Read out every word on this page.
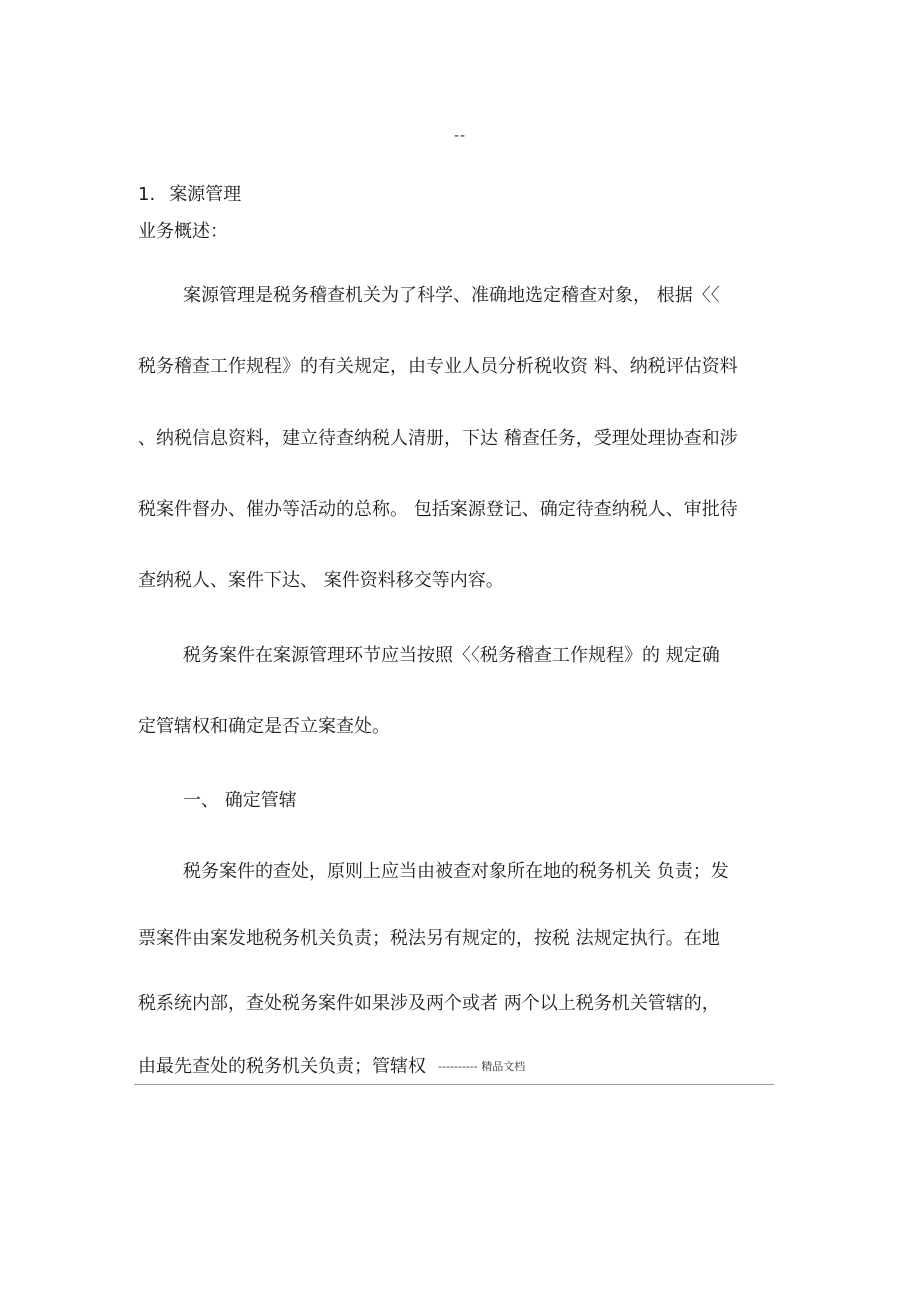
--
1. 案源管理
业务概述：
案源管理是税务稽查机关为了科学、准确地选定稽查对象， 根据〈〈
税务稽查工作规程》的有关规定，由专业人员分析税收资 料、纳税评估资料
、纳税信息资料，建立待查纳税人清册，下达 稽查任务，受理处理协查和涉
税案件督办、催办等活动的总称。 包括案源登记、确定待查纳税人、审批待
查纳税人、案件下达、 案件资料移交等内容。
税务案件在案源管理环节应当按照〈〈税务稽查工作规程》的 规定确
定管辖权和确定是否立案查处。
一、 确定管辖
税务案件的查处，原则上应当由被查对象所在地的税务机关 负责；发
票案件由案发地税务机关负责；税法另有规定的，按税 法规定执行。在地
税系统内部，查处税务案件如果涉及两个或者 两个以上税务机关管辖的，
由最先查处的税务机关负责；管辖权 ---------- 精品文档
